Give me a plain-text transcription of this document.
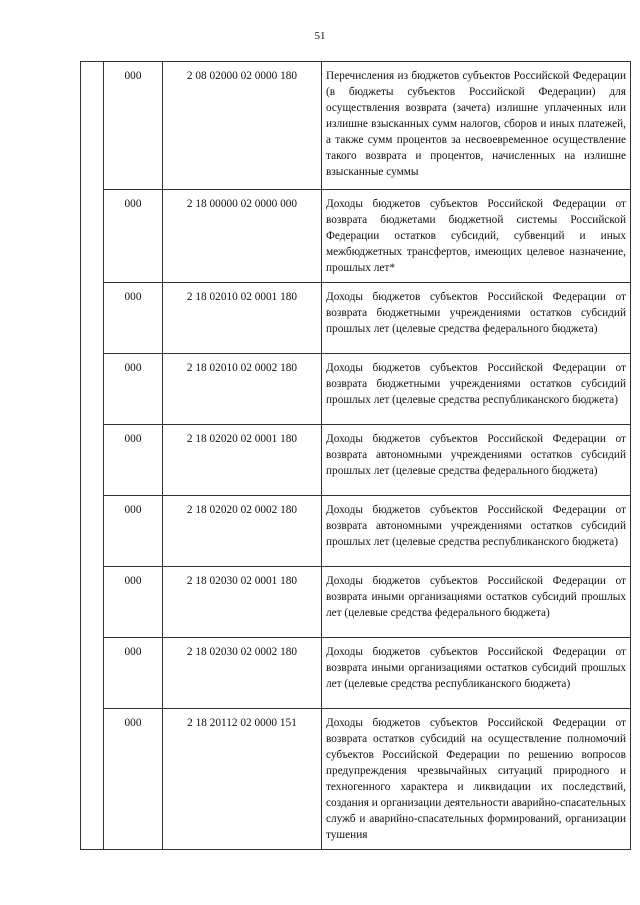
51
	000	2 08 02000 02 0000 180	Перечисления из бюджетов субъектов Российской Федерации (в бюджеты субъектов Российской Федерации) для осуществления возврата (зачета) излишне уплаченных или излишне взысканных сумм налогов, сборов и иных платежей, а также сумм процентов за несвоевременное осуществление такого возврата и процентов, начисленных на излишне взысканные суммы
	000	2 18 00000 02 0000 000	Доходы бюджетов субъектов Российской Федерации от возврата бюджетами бюджетной системы Российской Федерации остатков субсидий, субвенций и иных межбюджетных трансфертов, имеющих целевое назначение, прошлых лет*
	000	2 18 02010 02 0001 180	Доходы бюджетов субъектов Российской Федерации от возврата бюджетными учреждениями остатков субсидий прошлых лет (целевые средства федерального бюджета)
	000	2 18 02010 02 0002 180	Доходы бюджетов субъектов Российской Федерации от возврата бюджетными учреждениями остатков субсидий прошлых лет (целевые средства республиканского бюджета)
	000	2 18 02020 02 0001 180	Доходы бюджетов субъектов Российской Федерации от возврата автономными учреждениями остатков субсидий прошлых лет (целевые средства федерального бюджета)
	000	2 18 02020 02 0002 180	Доходы бюджетов субъектов Российской Федерации от возврата автономными учреждениями остатков субсидий прошлых лет (целевые средства республиканского бюджета)
	000	2 18 02030 02 0001 180	Доходы бюджетов субъектов Российской Федерации от возврата иными организациями остатков субсидий прошлых лет (целевые средства федерального бюджета)
	000	2 18 02030 02 0002 180	Доходы бюджетов субъектов Российской Федерации от возврата иными организациями остатков субсидий прошлых лет (целевые средства республиканского бюджета)
	000	2 18 20112 02 0000 151	Доходы бюджетов субъектов Российской Федерации от возврата остатков субсидий на осуществление полномочий субъектов Российской Федерации по решению вопросов предупреждения чрезвычайных ситуаций природного и техногенного характера и ликвидации их последствий, создания и организации деятельности аварийно-спасательных служб и аварийно-спасательных формирований, организации тушения
